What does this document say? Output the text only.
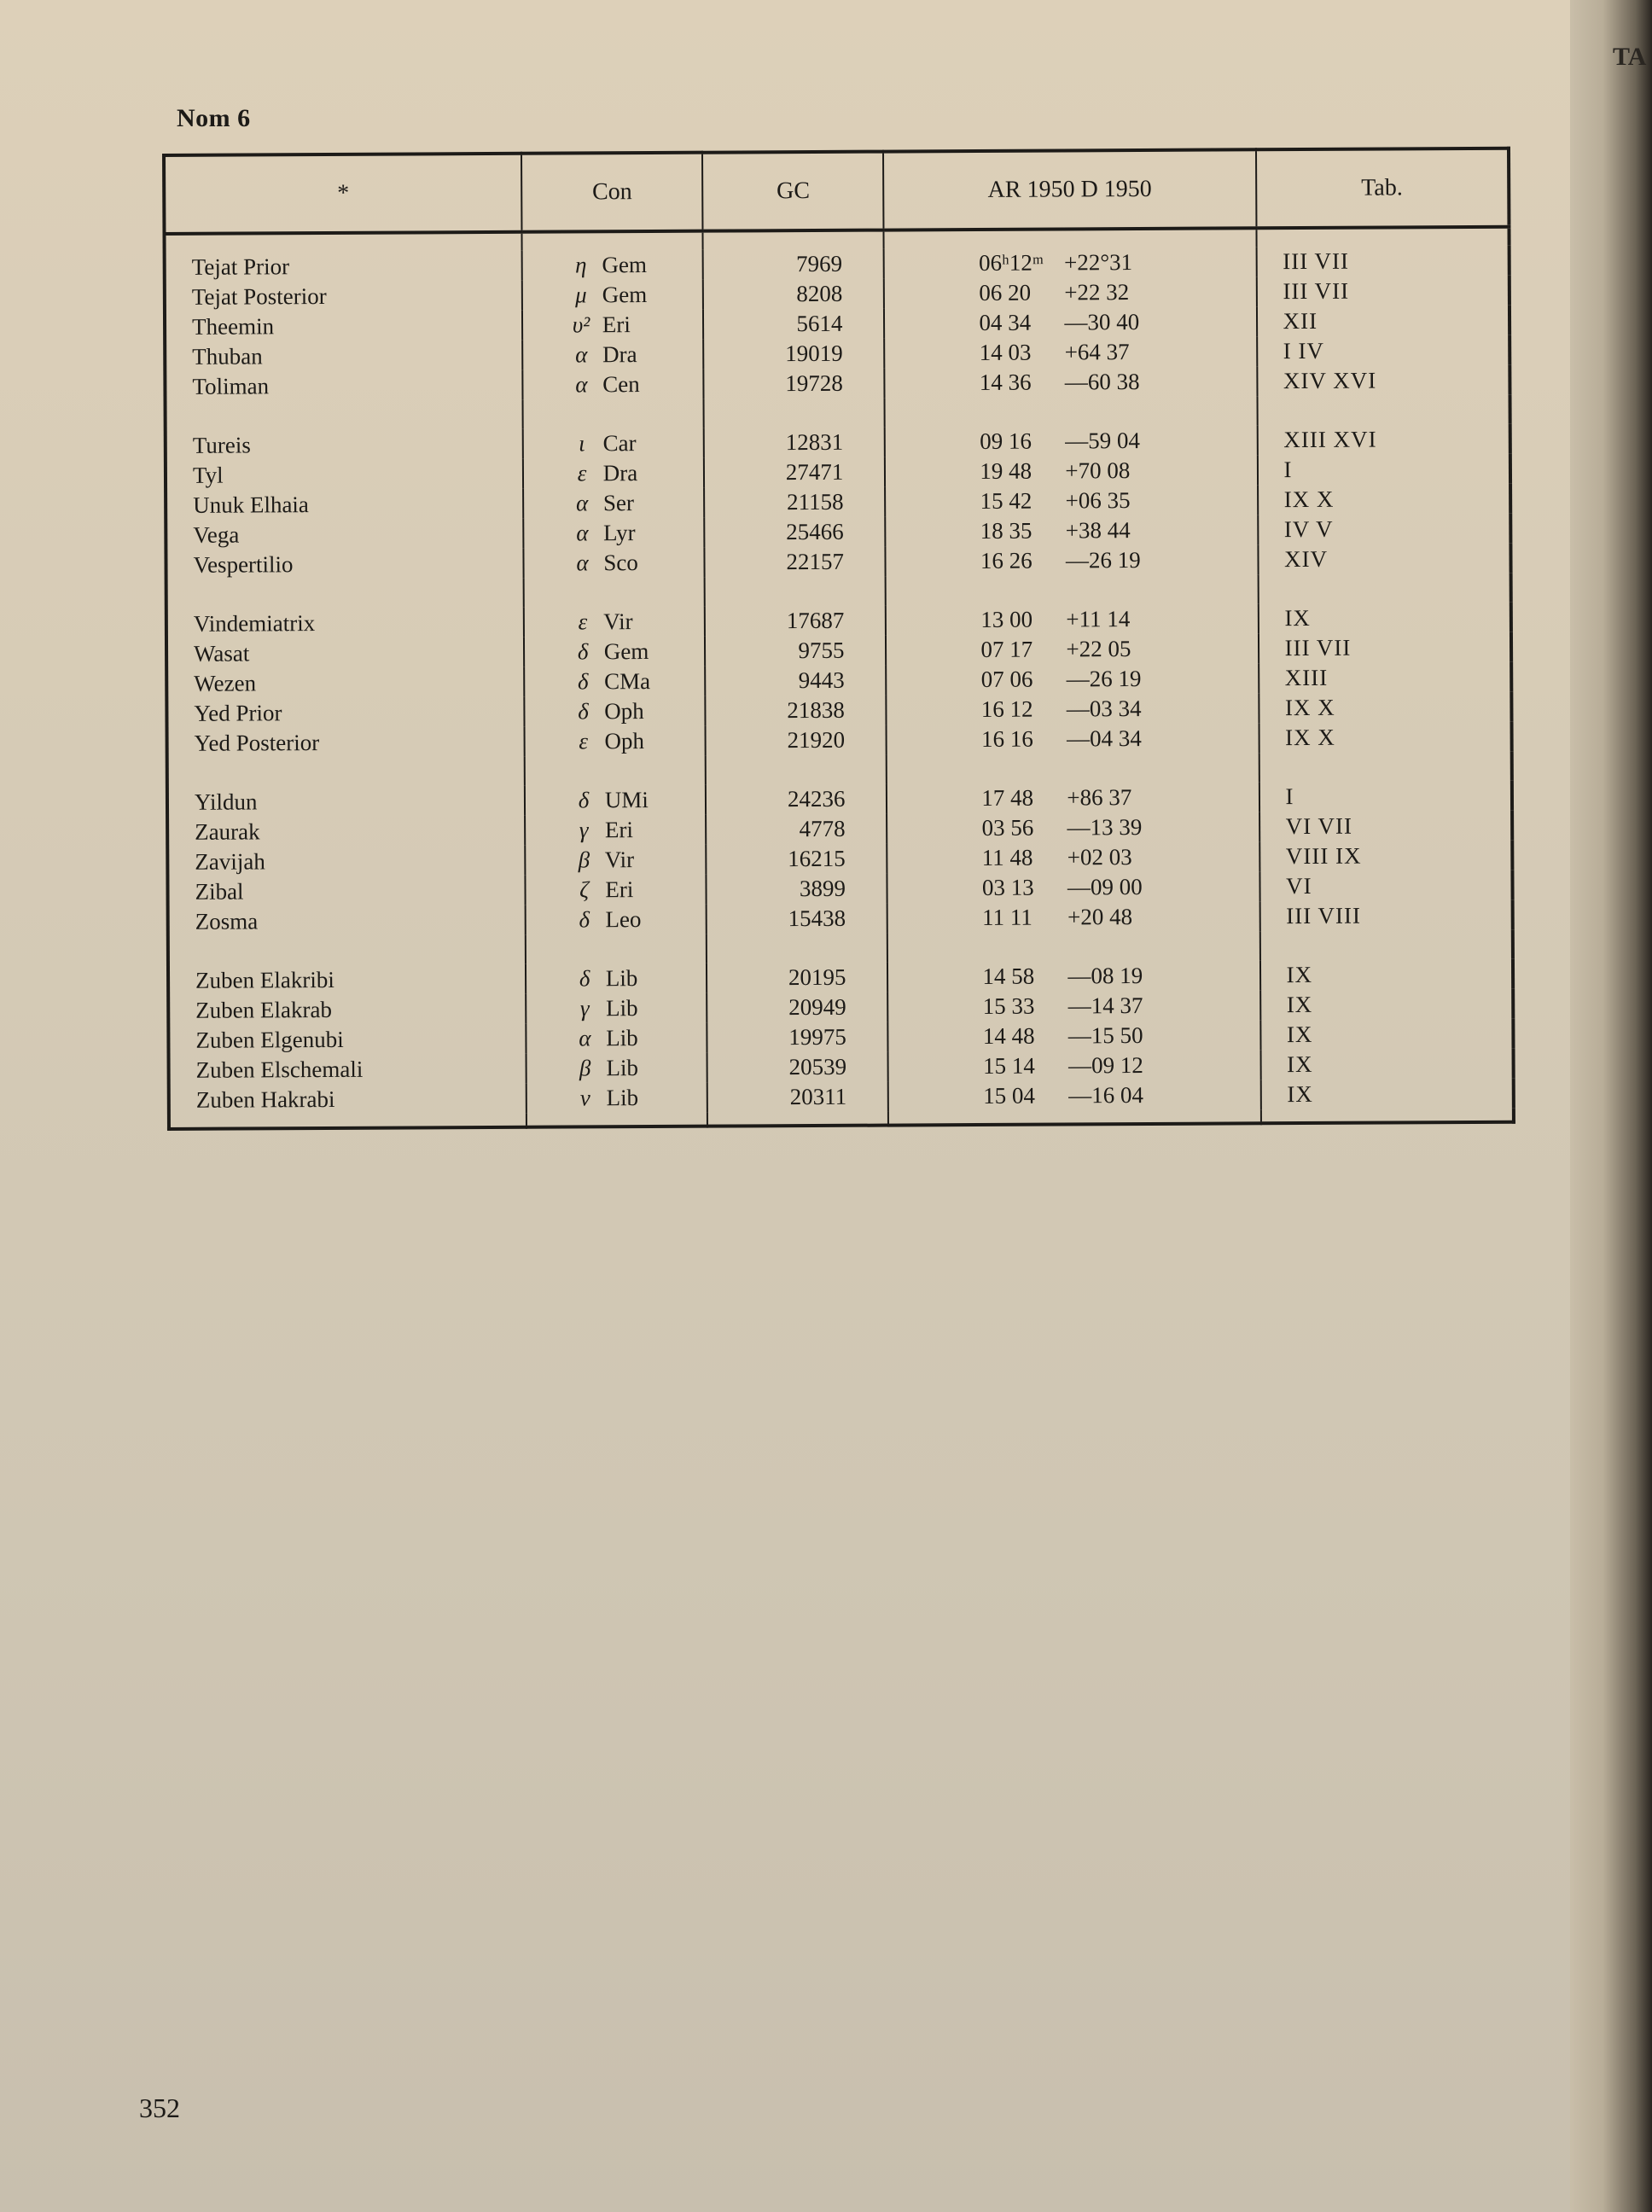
Nom 6
*	Con	GC	AR 1950 D 1950	Tab.

Tejat Prior	η Gem	7969	06ʰ12ᵐ +22°31	III VII
Tejat Posterior	μ Gem	8208	06 20 +22 32	III VII
Theemin	υ² Eri	5614	04 34 —30 40	XII
Thuban	α Dra	19019	14 03 +64 37	I IV
Toliman	α Cen	19728	14 36 —60 38	XIV XVI

Tureis	ι Car	12831	09 16 —59 04	XIII XVI
Tyl	ε Dra	27471	19 48 +70 08	I
Unuk Elhaia	α Ser	21158	15 42 +06 35	IX X
Vega	α Lyr	25466	18 35 +38 44	IV V
Vespertilio	α Sco	22157	16 26 —26 19	XIV

Vindemiatrix	ε Vir	17687	13 00 +11 14	IX
Wasat	δ Gem	9755	07 17 +22 05	III VII
Wezen	δ CMa	9443	07 06 —26 19	XIII
Yed Prior	δ Oph	21838	16 12 —03 34	IX X
Yed Posterior	ε Oph	21920	16 16 —04 34	IX X

Yildun	δ UMi	24236	17 48 +86 37	I
Zaurak	γ Eri	4778	03 56 —13 39	VI VII
Zavijah	β Vir	16215	11 48 +02 03	VIII IX
Zibal	ζ Eri	3899	03 13 —09 00	VI
Zosma	δ Leo	15438	11 11 +20 48	III VIII

Zuben Elakribi	δ Lib	20195	14 58 —08 19	IX
Zuben Elakrab	γ Lib	20949	15 33 —14 37	IX
Zuben Elgenubi	α Lib	19975	14 48 —15 50	IX
Zuben Elschemali	β Lib	20539	15 14 —09 12	IX
Zuben Hakrabi	ν Lib	20311	15 04 —16 04	IX

352
TA
